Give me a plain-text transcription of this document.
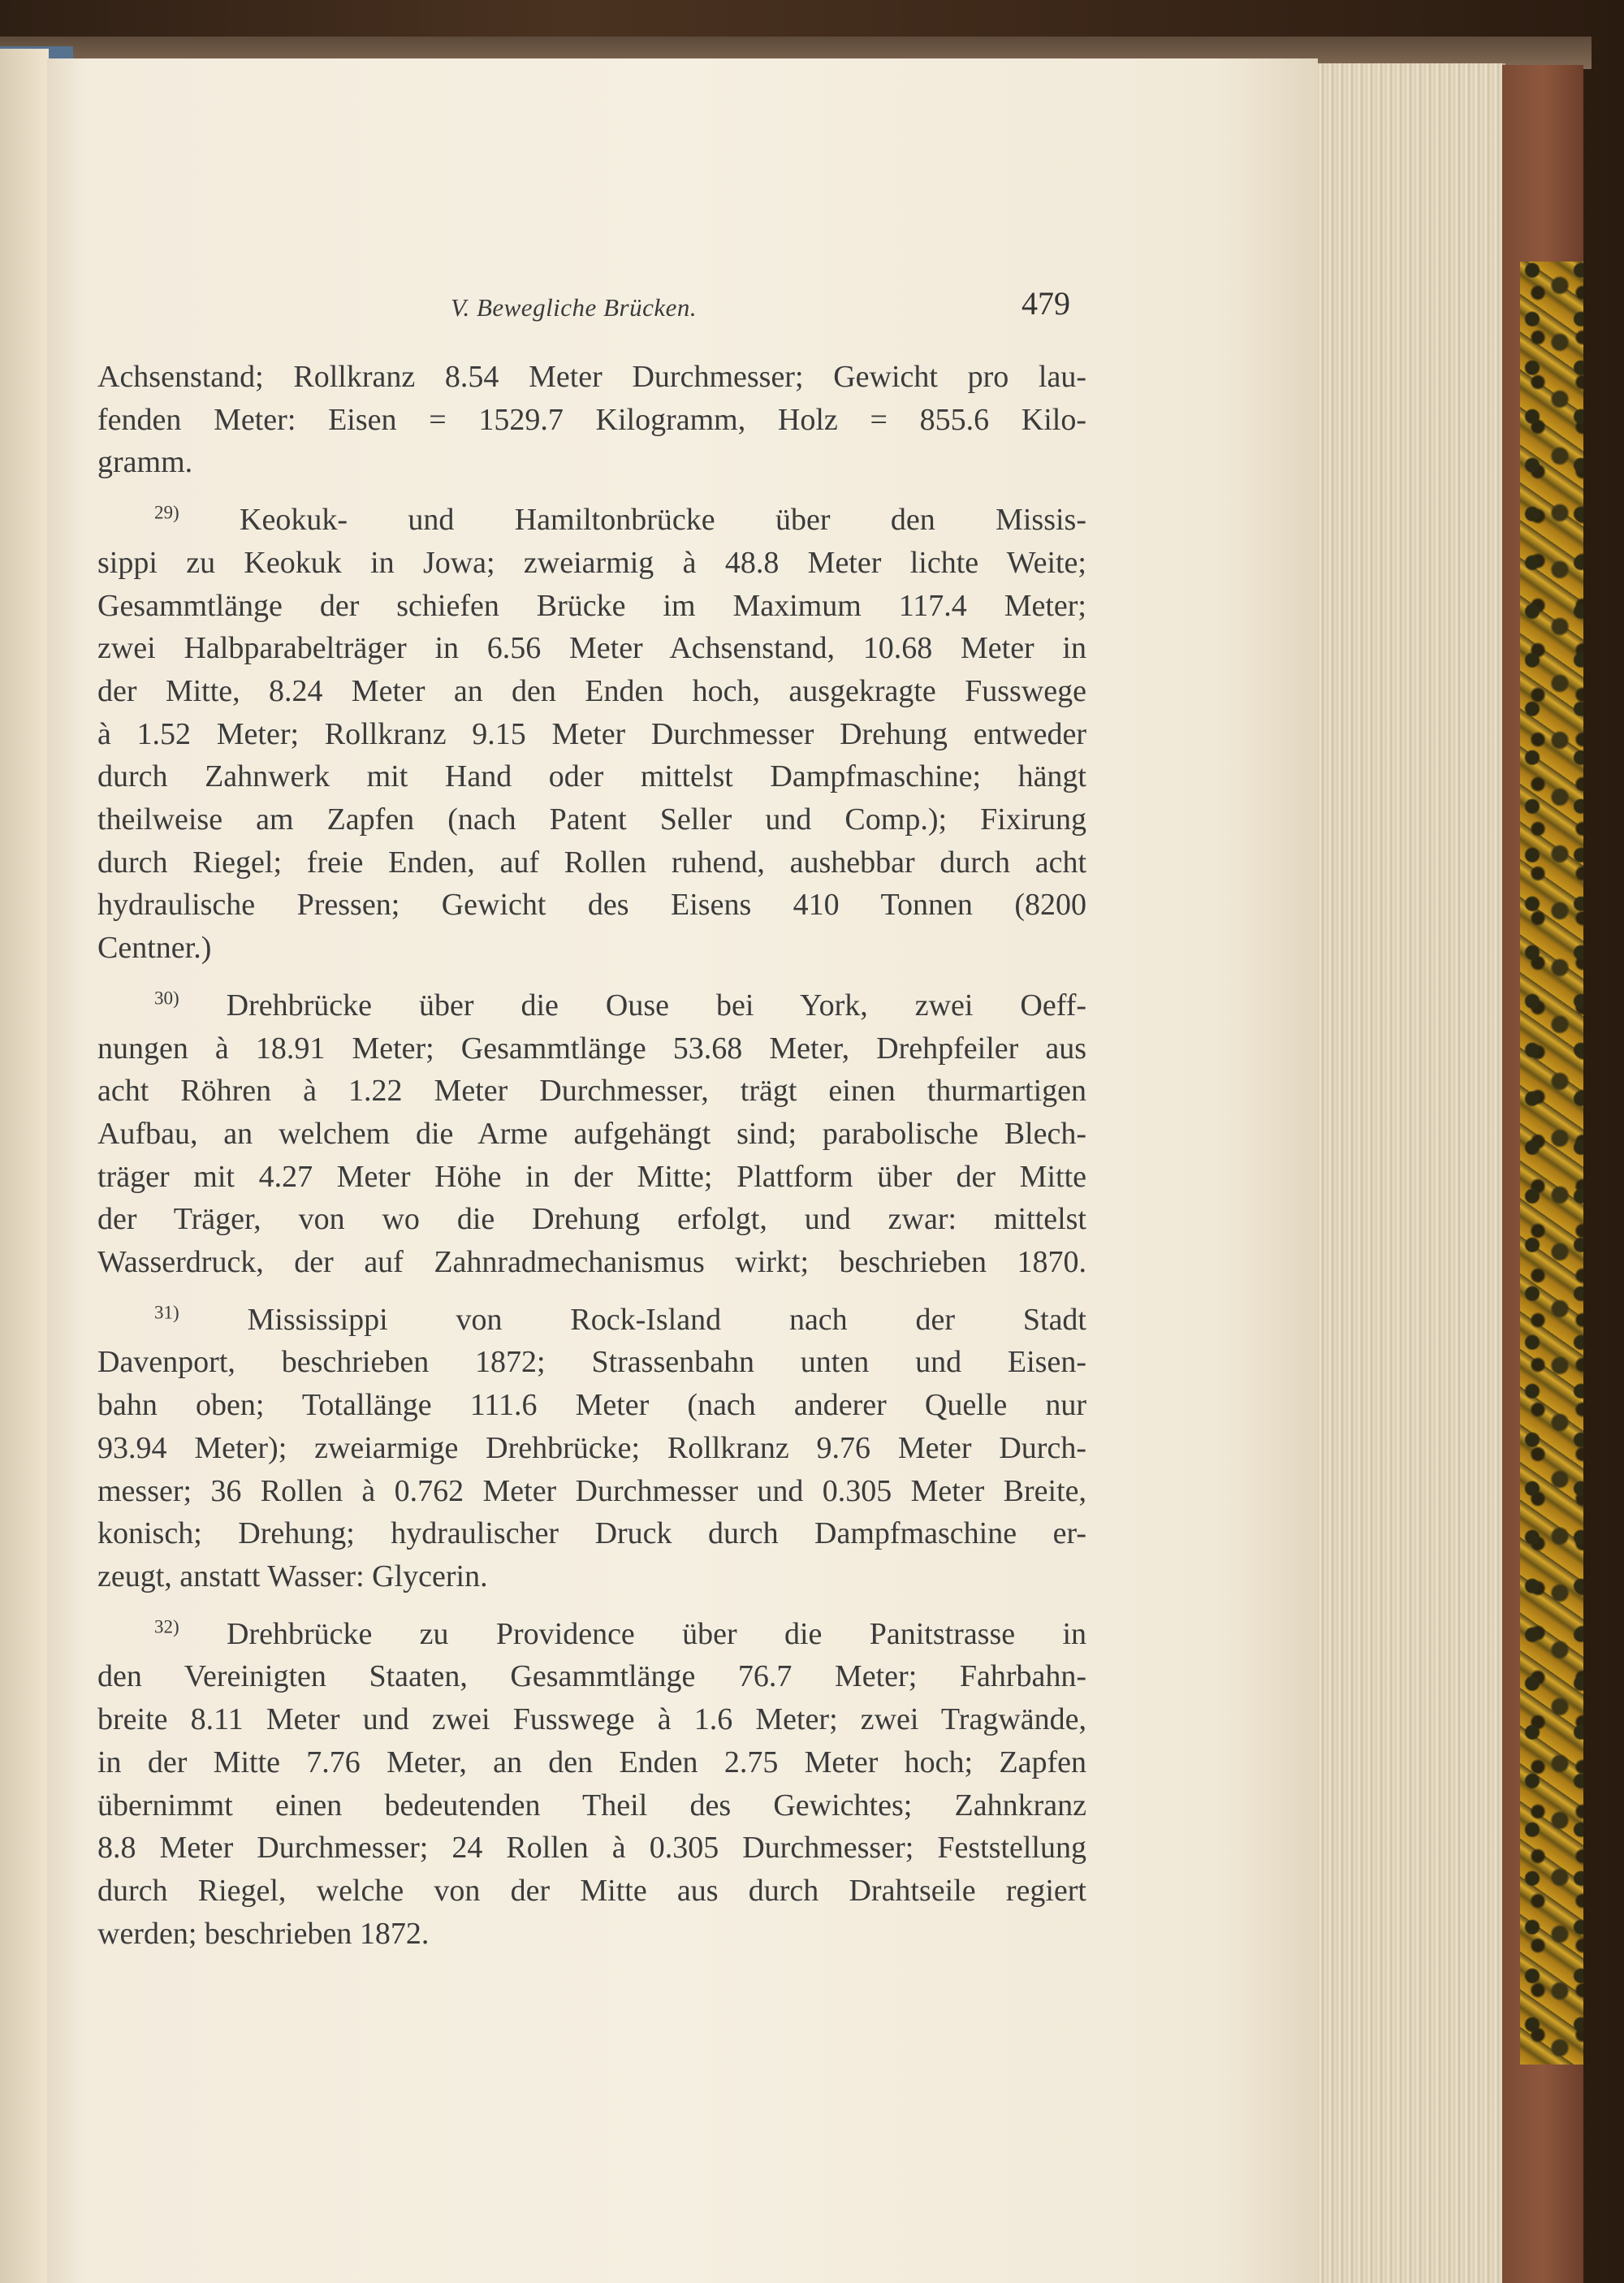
V. Bewegliche Brücken.	479

Achsenstand; Rollkranz 8.54 Meter Durchmesser; Gewicht pro lau-
fenden Meter: Eisen = 1529.7 Kilogramm, Holz = 855.6 Kilo-
gramm.

$^{29)}$ Keokuk- und Hamiltonbrücke über den Missis-
sippi zu Keokuk in Jowa; zweiarmig à 48.8 Meter lichte Weite;
Gesammtlänge der schiefen Brücke im Maximum 117.4 Meter;
zwei Halbparabelträger in 6.56 Meter Achsenstand, 10.68 Meter in
der Mitte, 8.24 Meter an den Enden hoch, ausgekragte Fusswege
à 1.52 Meter; Rollkranz 9.15 Meter Durchmesser Drehung entweder
durch Zahnwerk mit Hand oder mittelst Dampfmaschine; hängt
theilweise am Zapfen (nach Patent Seller und Comp.); Fixirung
durch Riegel; freie Enden, auf Rollen ruhend, aushebbar durch acht
hydraulische Pressen; Gewicht des Eisens 410 Tonnen (8200
Centner.)

$^{30)}$ Drehbrücke über die Ouse bei York, zwei Oeff-
nungen à 18.91 Meter; Gesammtlänge 53.68 Meter, Drehpfeiler aus
acht Röhren à 1.22 Meter Durchmesser, trägt einen thurmartigen
Aufbau, an welchem die Arme aufgehängt sind; parabolische Blech-
träger mit 4.27 Meter Höhe in der Mitte; Plattform über der Mitte
der Träger, von wo die Drehung erfolgt, und zwar: mittelst
Wasserdruck, der auf Zahnradmechanismus wirkt; beschrieben 1870.

$^{31)}$ Mississippi von Rock-Island nach der Stadt
Davenport, beschrieben 1872; Strassenbahn unten und Eisen-
bahn oben; Totallänge 111.6 Meter (nach anderer Quelle nur
93.94 Meter); zweiarmige Drehbrücke; Rollkranz 9.76 Meter Durch-
messer; 36 Rollen à 0.762 Meter Durchmesser und 0.305 Meter Breite,
konisch; Drehung; hydraulischer Druck durch Dampfmaschine er-
zeugt, anstatt Wasser: Glycerin.

$^{32)}$ Drehbrücke zu Providence über die Panitstrasse in
den Vereinigten Staaten, Gesammtlänge 76.7 Meter; Fahrbahn-
breite 8.11 Meter und zwei Fusswege à 1.6 Meter; zwei Tragwände,
in der Mitte 7.76 Meter, an den Enden 2.75 Meter hoch; Zapfen
übernimmt einen bedeutenden Theil des Gewichtes; Zahnkranz
8.8 Meter Durchmesser; 24 Rollen à 0.305 Durchmesser; Feststellung
durch Riegel, welche von der Mitte aus durch Drahtseile regiert
werden; beschrieben 1872.
